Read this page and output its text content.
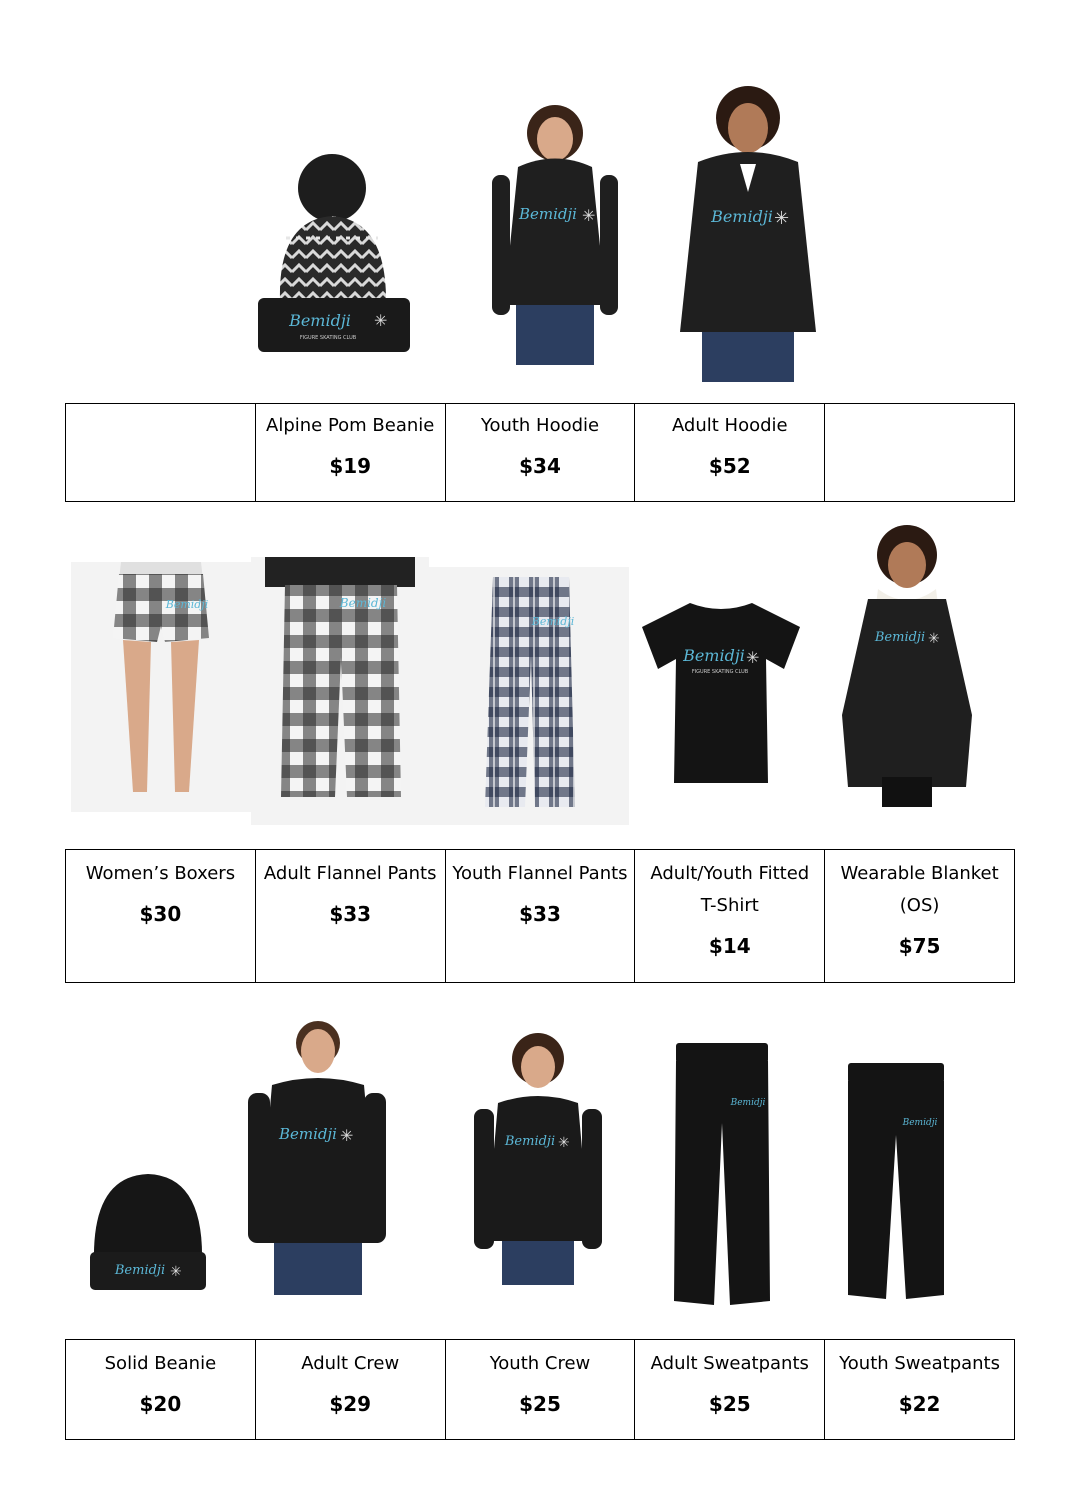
Bemidji ✳
FIGURE SKATING CLUB
Bemidji ✳	Bemidji ✳

Alpine Pom Beanie
$19

Youth Hoodie
$34

Adult Hoodie
$52

Bemidji	Bemidji
Bemidji
Bemidji ✳
FIGURE SKATING CLUB
Bemidji ✳
Women’s Boxers
$30

Adult Flannel Pants
$33

Youth Flannel Pants
$33

Adult/Youth Fitted T-Shirt
$14

Wearable Blanket (OS)
$75
Bemidji ✳
Bemidji ✳	Bemidji ✳
Bemidji
Bemidji
Solid Beanie
$20

Adult Crew
$29

Youth Crew
$25

Adult Sweatpants
$25

Youth Sweatpants
$22
